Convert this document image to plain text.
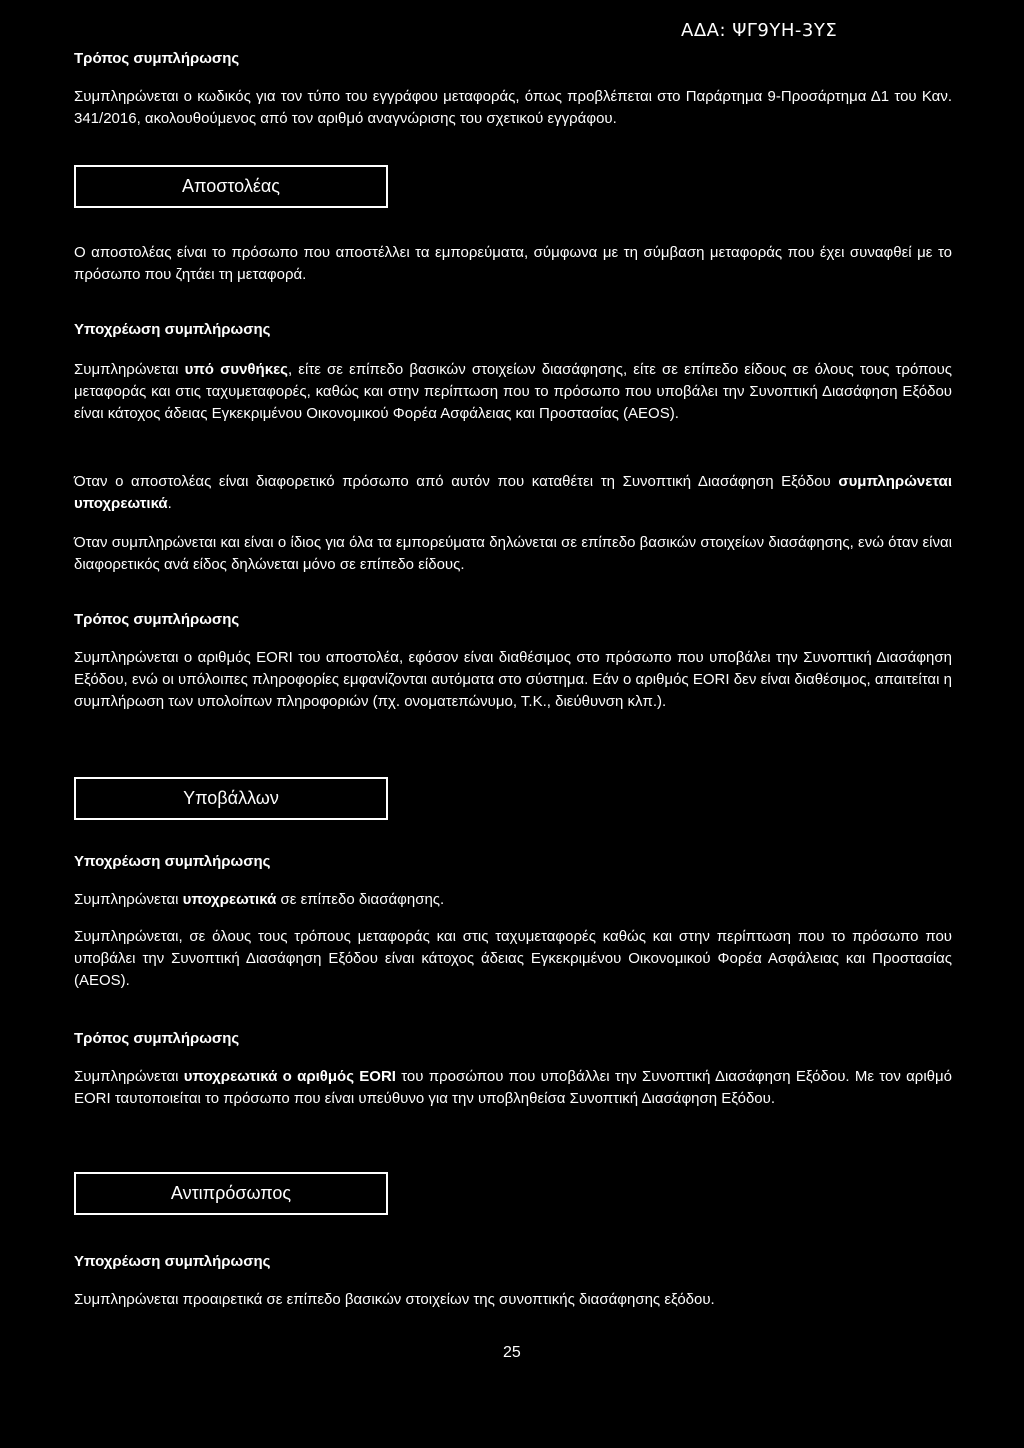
ΑΔΑ: ΨΓ9ΥΗ-3ΥΣ
Τρόπος συμπλήρωσης
Συμπληρώνεται ο κωδικός για τον τύπο του εγγράφου μεταφοράς, όπως προβλέπεται στο Παράρτημα 9-Προσάρτημα Δ1 του Καν. 341/2016, ακολουθούμενος από τον αριθμό αναγνώρισης του σχετικού εγγράφου.
Αποστολέας
Ο αποστολέας είναι το πρόσωπο που αποστέλλει τα εμπορεύματα, σύμφωνα με τη σύμβαση μεταφοράς που έχει συναφθεί με το πρόσωπο που ζητάει τη μεταφορά.
Υποχρέωση συμπλήρωσης
Συμπληρώνεται υπό συνθήκες, είτε σε επίπεδο βασικών στοιχείων διασάφησης, είτε σε επίπεδο είδους σε όλους τους τρόπους μεταφοράς και στις ταχυμεταφορές, καθώς και στην περίπτωση που το πρόσωπο που υποβάλει την Συνοπτική Διασάφηση Εξόδου είναι κάτοχος άδειας Εγκεκριμένου Οικονομικού Φορέα Ασφάλειας και Προστασίας (AEOS).
Όταν ο αποστολέας είναι διαφορετικό πρόσωπο από αυτόν που καταθέτει τη Συνοπτική Διασάφηση Εξόδου συμπληρώνεται υποχρεωτικά.
Όταν συμπληρώνεται και είναι ο ίδιος για όλα τα εμπορεύματα δηλώνεται σε επίπεδο βασικών στοιχείων διασάφησης, ενώ όταν είναι διαφορετικός ανά είδος δηλώνεται μόνο σε επίπεδο είδους.
Τρόπος συμπλήρωσης
Συμπληρώνεται ο αριθμός EORI του αποστολέα, εφόσον είναι διαθέσιμος στο πρόσωπο που υποβάλει την Συνοπτική Διασάφηση Εξόδου, ενώ οι υπόλοιπες πληροφορίες εμφανίζονται αυτόματα στο σύστημα. Εάν ο αριθμός EORI δεν είναι διαθέσιμος, απαιτείται η συμπλήρωση των υπολοίπων πληροφοριών (πχ. ονοματεπώνυμο, Τ.Κ., διεύθυνση κλπ.).
Υποβάλλων
Υποχρέωση συμπλήρωσης
Συμπληρώνεται υποχρεωτικά σε επίπεδο διασάφησης.
Συμπληρώνεται, σε όλους τους τρόπους μεταφοράς και στις ταχυμεταφορές καθώς και στην περίπτωση που το πρόσωπο που υποβάλει την Συνοπτική Διασάφηση Εξόδου είναι κάτοχος άδειας Εγκεκριμένου Οικονομικού Φορέα Ασφάλειας και Προστασίας (AEOS).
Τρόπος συμπλήρωσης
Συμπληρώνεται υποχρεωτικά ο αριθμός EORI του προσώπου που υποβάλλει την Συνοπτική Διασάφηση Εξόδου. Με τον αριθμό EORI ταυτοποιείται το πρόσωπο που είναι υπεύθυνο για την υποβληθείσα Συνοπτική Διασάφηση Εξόδου.
Αντιπρόσωπος
Υποχρέωση συμπλήρωσης
Συμπληρώνεται προαιρετικά σε επίπεδο βασικών στοιχείων της συνοπτικής διασάφησης εξόδου.
25
